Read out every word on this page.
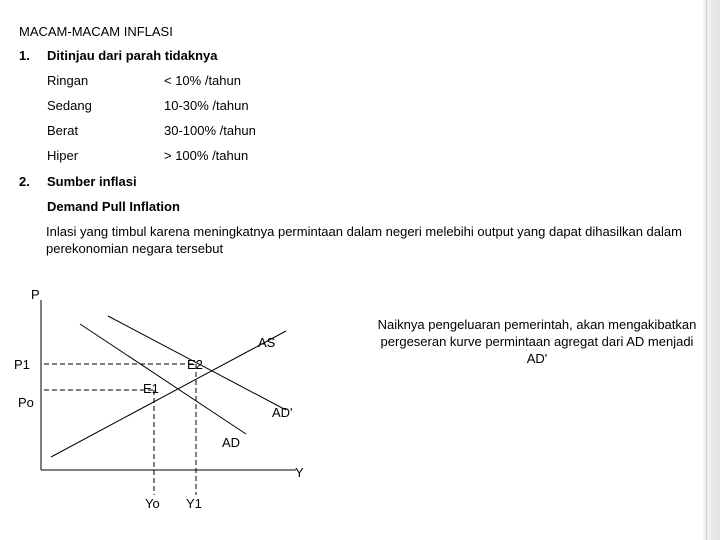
MACAM-MACAM INFLASI
1. Ditinjau dari parah tidaknya
Ringan	< 10% /tahun
Sedang	10-30% /tahun
Berat	30-100% /tahun
Hiper	> 100% /tahun
2. Sumber inflasi
Demand Pull Inflation
Inlasi yang timbul karena meningkatnya permintaan dalam negeri melebihi output yang dapat dihasilkan dalam perekonomian negara tersebut
P
Y
P1
Po
AS
AD'
AD
E2
E1
Yo Y1
Naiknya pengeluaran pemerintah, akan mengakibatkan pergeseran kurve permintaan agregat dari AD menjadi AD'
